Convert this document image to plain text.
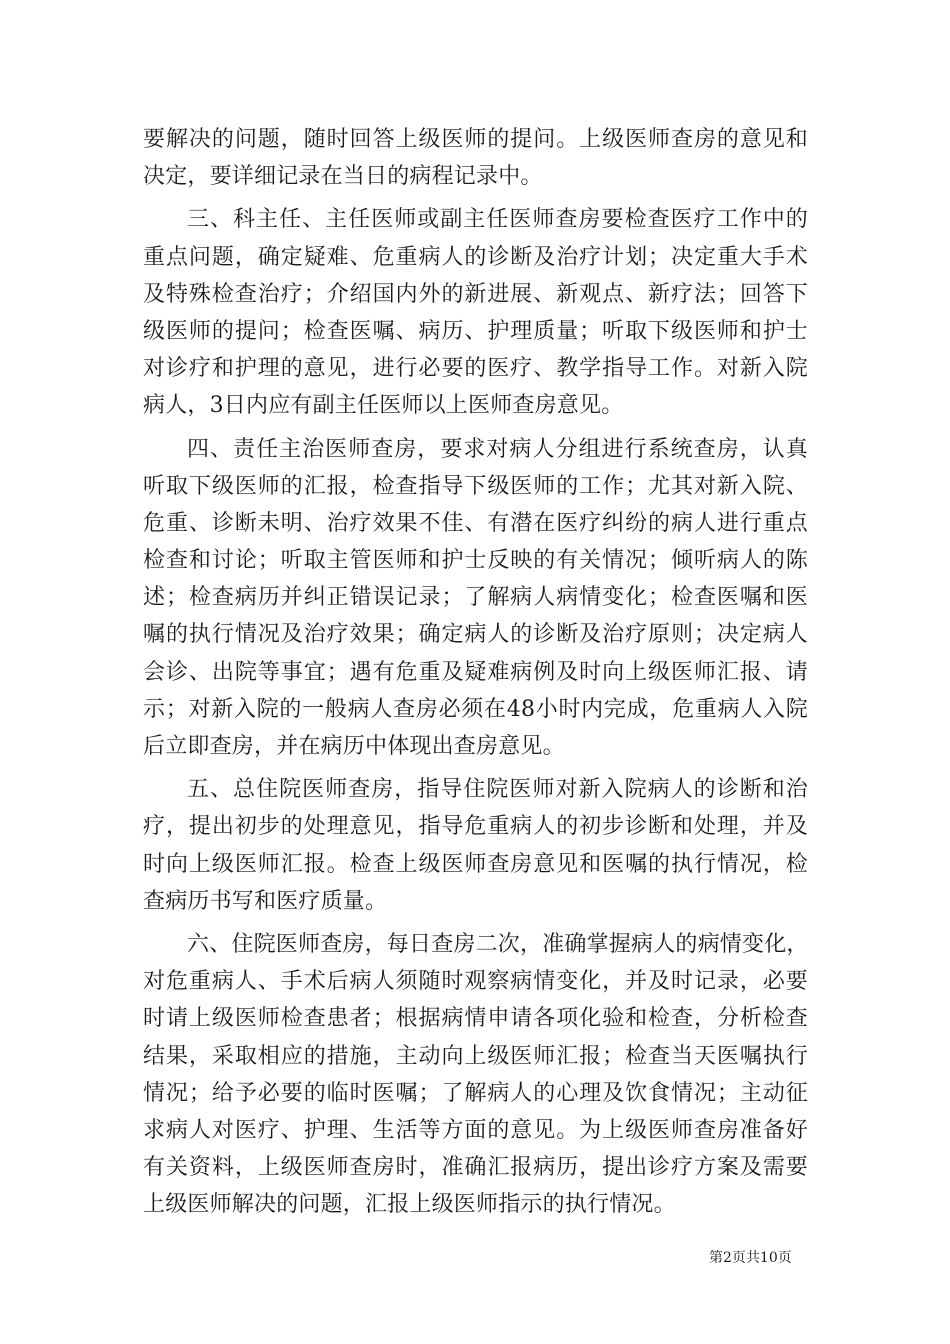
要解决的问题，随时回答上级医师的提问。上级医师查房的意见和
决定，要详细记录在当日的病程记录中。
三、科主任、主任医师或副主任医师查房要检查医疗工作中的
重点问题，确定疑难、危重病人的诊断及治疗计划；决定重大手术
及特殊检查治疗；介绍国内外的新进展、新观点、新疗法；回答下
级医师的提问；检查医嘱、病历、护理质量；听取下级医师和护士
对诊疗和护理的意见，进行必要的医疗、教学指导工作。对新入院
病人，3日内应有副主任医师以上医师查房意见。
四、责任主治医师查房，要求对病人分组进行系统查房，认真
听取下级医师的汇报，检查指导下级医师的工作；尤其对新入院、
危重、诊断未明、治疗效果不佳、有潜在医疗纠纷的病人进行重点
检查和讨论；听取主管医师和护士反映的有关情况；倾听病人的陈
述；检查病历并纠正错误记录；了解病人病情变化；检查医嘱和医
嘱的执行情况及治疗效果；确定病人的诊断及治疗原则；决定病人
会诊、出院等事宜；遇有危重及疑难病例及时向上级医师汇报、请
示；对新入院的一般病人查房必须在48小时内完成，危重病人入院
后立即查房，并在病历中体现出查房意见。
五、总住院医师查房，指导住院医师对新入院病人的诊断和治
疗，提出初步的处理意见，指导危重病人的初步诊断和处理，并及
时向上级医师汇报。检查上级医师查房意见和医嘱的执行情况，检
查病历书写和医疗质量。
六、住院医师查房，每日查房二次，准确掌握病人的病情变化，
对危重病人、手术后病人须随时观察病情变化，并及时记录，必要
时请上级医师检查患者；根据病情申请各项化验和检查，分析检查
结果，采取相应的措施，主动向上级医师汇报；检查当天医嘱执行
情况；给予必要的临时医嘱；了解病人的心理及饮食情况；主动征
求病人对医疗、护理、生活等方面的意见。为上级医师查房准备好
有关资料，上级医师查房时，准确汇报病历，提出诊疗方案及需要
上级医师解决的问题，汇报上级医师指示的执行情况。
第2页共10页
